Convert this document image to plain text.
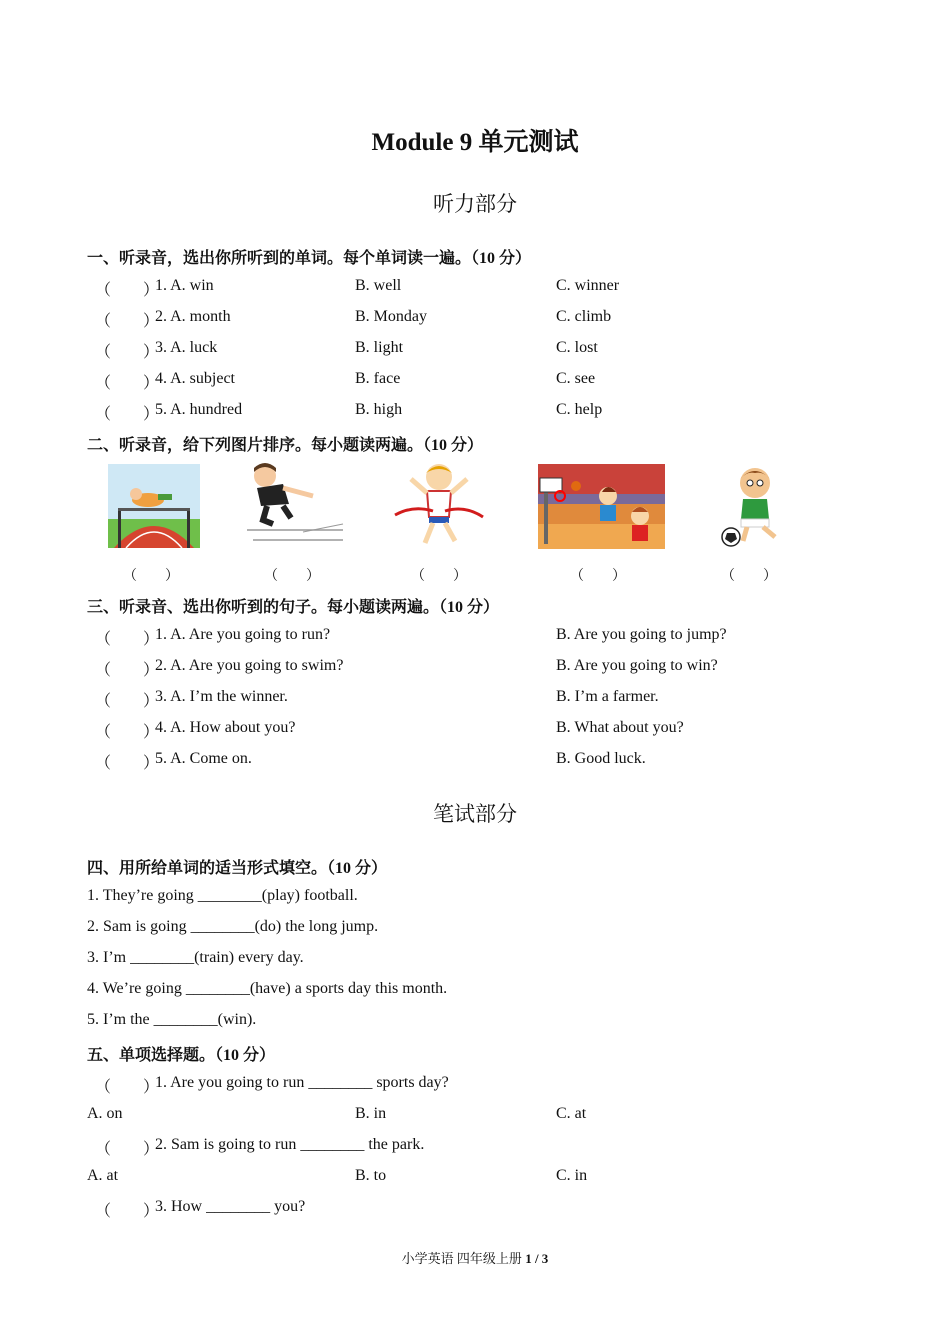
Module 9 单元测试
听力部分
一、听录音，选出你所听到的单词。每个单词读一遍。（10 分）
（　　）
1. A. win	B. well	C. winner
（　　）
2. A. month	B. Monday	C. climb
（　　）
3. A. luck	B. light	C. lost
（　　）
4. A. subject	B. face	C. see
（　　）
5. A. hundred	B. high	C. help
二、听录音，给下列图片排序。每小题读两遍。（10 分）
（　　）	（　　）	（　　）	（　　）	（　　）
三、听录音、选出你听到的句子。每小题读两遍。（10 分）
（　　）
1. A. Are you going to run?	B. Are you going to jump?
（　　）
2. A. Are you going to swim?	B. Are you going to win?
（　　）
3. A. I’m the winner.	B. I’m a farmer.
（　　）
4. A. How about you?	B. What about you?
（　　）
5. A. Come on.	B. Good luck.
笔试部分
四、用所给单词的适当形式填空。（10 分）
1. They’re going ________(play) football.
2. Sam is going ________(do) the long jump.
3. I’m ________(train) every day.
4. We’re going ________(have) a sports day this month.
5. I’m the ________(win).
五、单项选择题。（10 分）
（　　）
1. Are you going to run ________ sports day?
A. on	B. in	C. at
（　　）
2. Sam is going to run ________ the park.
A. at	B. to	C. in
（　　）
3. How ________ you?
小学英语 四年级上册 1 / 3
